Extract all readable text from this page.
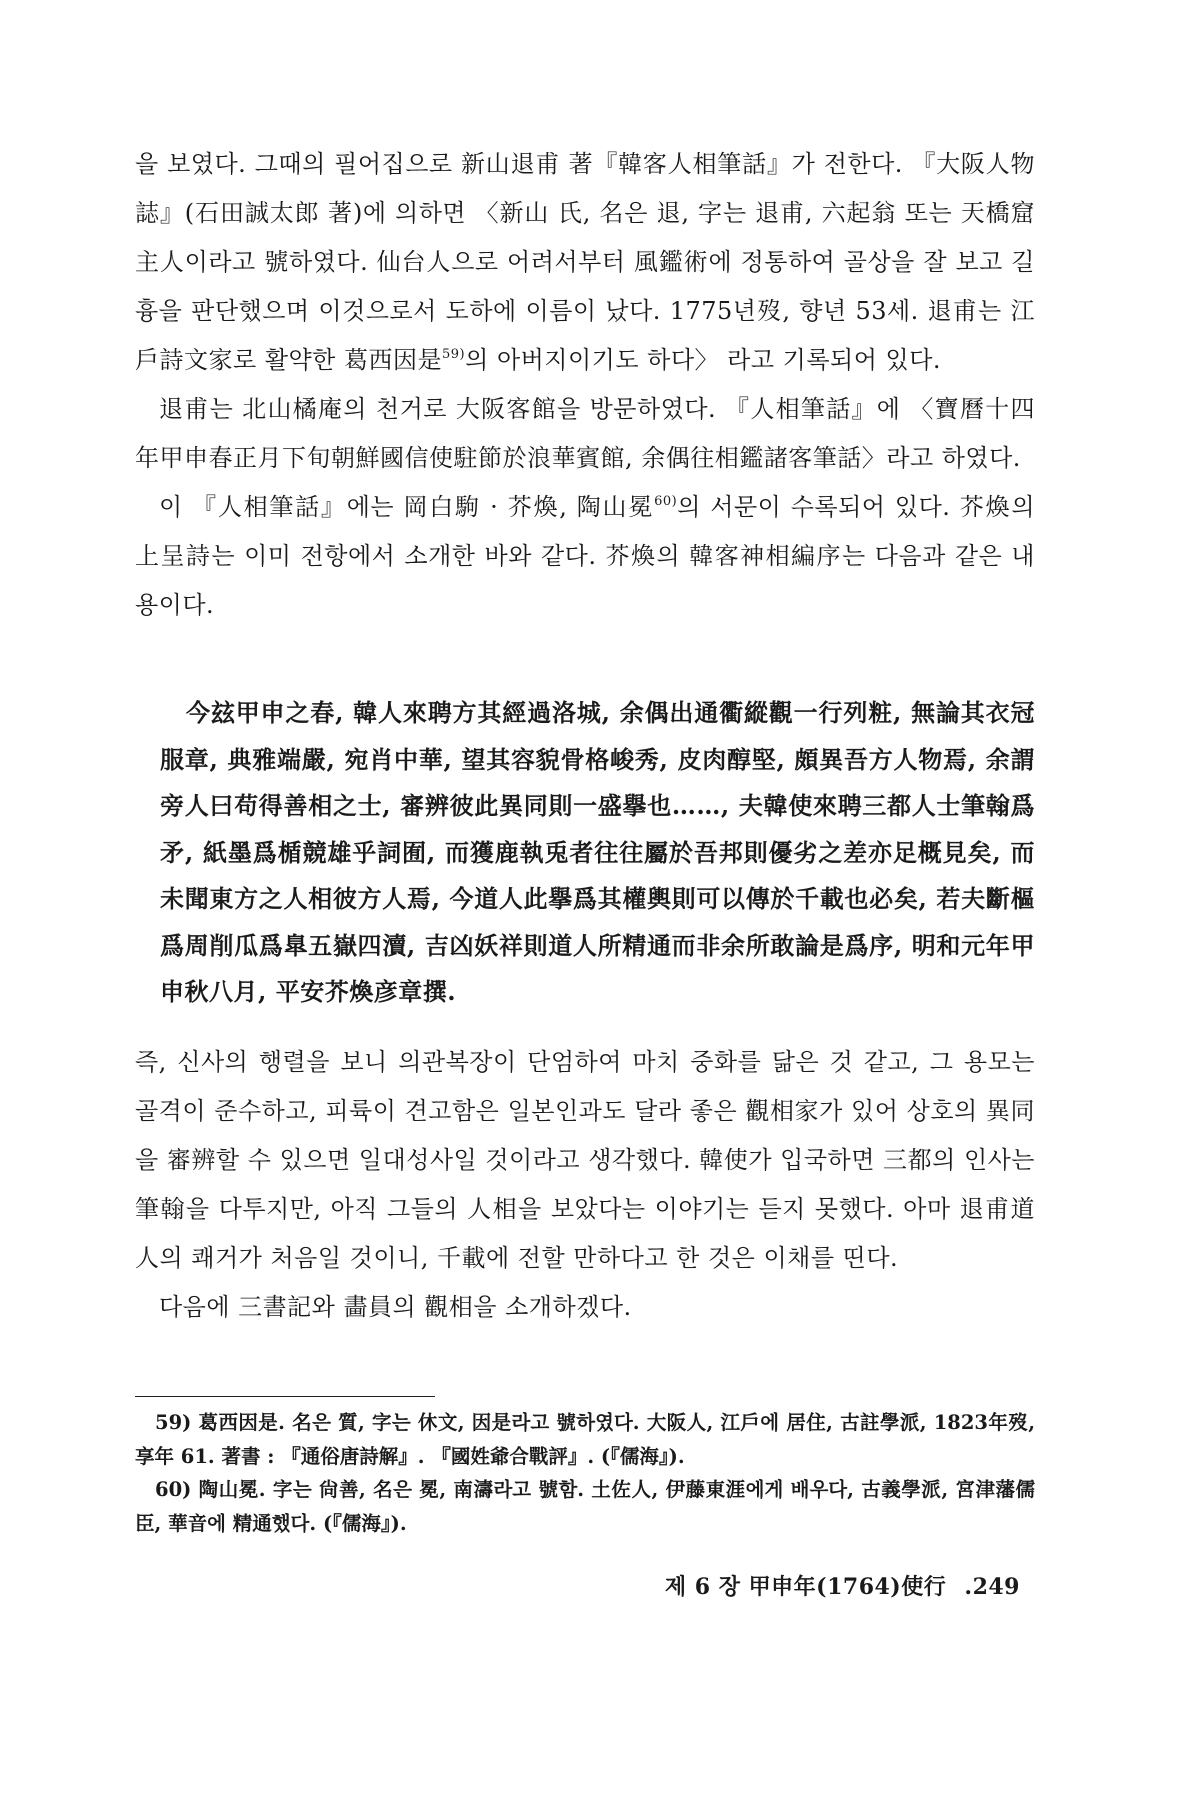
을 보였다. 그때의 필어집으로 新山退甫 著『韓客人相筆話』가 전한다. 『大阪人物誌』(石田誠太郎 著)에 의하면 〈新山 氏, 名은 退, 字는 退甫, 六起翁 또는 天橋窟主人이라고 號하였다. 仙台人으로 어려서부터 風鑑術에 정통하여 골상을 잘 보고 길흉을 판단했으며 이것으로서 도하에 이름이 났다. 1775년歿, 향년 53세. 退甫는 江戶詩文家로 활약한 葛西因是$^{59)}$의 아버지이기도 하다〉 라고 기록되어 있다.

退甫는 北山橘庵의 천거로 大阪客館을 방문하였다. 『人相筆話』에 〈寶曆十四年甲申春正月下旬朝鮮國信使駐節於浪華賓館, 余偶往相鑑諸客筆話〉라고 하였다.

이 『人相筆話』에는 岡白駒 · 芥煥, 陶山冕$^{60)}$의 서문이 수록되어 있다. 芥煥의 上呈詩는 이미 전항에서 소개한 바와 같다. 芥煥의 韓客神相編序는 다음과 같은 내용이다.

今玆甲申之春, 韓人來聘方其經過洛城, 余偶出通衢縱觀一行列粧, 無論其衣冠服章, 典雅端嚴, 宛肖中華, 望其容貌骨格峻秀, 皮肉醇堅, 頗異吾方人物焉, 余謂旁人曰苟得善相之士, 審辨彼此異同則一盛擧也……, 夫韓使來聘三都人士筆翰爲矛, 紙墨爲楯競雄乎詞囿, 而獲鹿執兎者往往屬於吾邦則優劣之差亦足概見矣, 而未聞東方之人相彼方人焉, 今道人此擧爲其權輿則可以傳於千載也必矣, 若夫斷樞爲周削瓜爲臯五嶽四瀆, 吉凶妖祥則道人所精通而非余所敢論是爲序, 明和元年甲申秋八月, 平安芥煥彦章撰.

즉, 신사의 행렬을 보니 의관복장이 단엄하여 마치 중화를 닮은 것 같고, 그 용모는 골격이 준수하고, 피륙이 견고함은 일본인과도 달라 좋은 觀相家가 있어 상호의 異同을 審辨할 수 있으면 일대성사일 것이라고 생각했다. 韓使가 입국하면 三都의 인사는 筆翰을 다투지만, 아직 그들의 人相을 보았다는 이야기는 듣지 못했다. 아마 退甫道人의 쾌거가 처음일 것이니, 千載에 전할 만하다고 한 것은 이채를 띤다.

다음에 三書記와 畵員의 觀相을 소개하겠다.

59) 葛西因是. 名은 質, 字는 休文, 因是라고 號하였다. 大阪人, 江戶에 居住, 古註學派, 1823年歿, 享年 61. 著書 : 『通俗唐詩解』. 『國姓爺合戰評』. (『儒海』).

60) 陶山冕. 字는 尙善, 名은 冕, 南濤라고 號함. 土佐人, 伊藤東涯에게 배우다, 古義學派, 宮津藩儒臣, 華音에 精通했다. (『儒海』).

제 6 장 甲申年(1764)使行 .249
